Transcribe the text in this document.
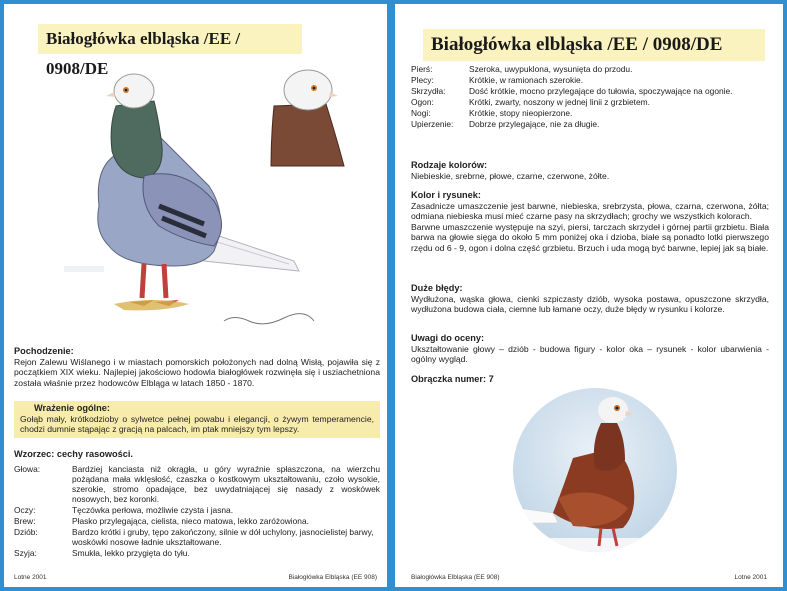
Białogłówka elbląska /EE / 0908/DE
Pochodzenie:
Rejon Zalewu Wiślanego i w miastach pomorskich położonych nad dolną Wisłą, pojawiła się z początkiem XIX wieku. Najlepiej jakościowo hodowla białogłówek rozwinęła się i usziachetniona została właśnie przez hodowców Elbląga w latach 1850 - 1870.
Wrażenie ogólne:
Gołąb mały, krótkodzioby o sylwetce pełnej powabu i elegancji, o żywym temperamencie, chodzi dumnie stąpając z gracją na palcach, im ptak mniejszy tym lepszy.
Wzorzec: cechy rasowości.
Głowa:	Bardziej kanciasta niż okrągła, u góry wyraźnie spłaszczona, na wierzchu pożądana mała wklęsłość, czaszka o kostkowym ukształtowaniu, czoło wysokie, szerokie, stromo opadające, bez uwydatniającej się nasady z woskówek nosowych, bez koronki.
Oczy:	Tęczówka perłowa, możliwie czysta i jasna.
Brew:	Płasko przylegająca, cielista, nieco matowa, lekko zaróżowiona.
Dziób:	Bardzo krótki i gruby, tępo zakończony, silnie w dół uchylony, jasnocielistej barwy, woskówki nosowe ładnie ukształtowane.
Szyja:	Smukła, lekko przygięta do tyłu.
Lotne 2001	Białogłówka Elbląska (EE 908)
Białogłówka elbląska /EE / 0908/DE
Pierś:	Szeroka, uwypuklona, wysunięta do przodu.
Plecy:	Krótkie, w ramionach szerokie.
Skrzydła:	Dość krótkie, mocno przylegające do tułowia, spoczywające na ogonie.
Ogon:	Krótki, zwarty, noszony w jednej linii z grzbietem.
Nogi:	Krótkie, stopy nieopierzone.
Upierzenie:	Dobrze przylegające, nie za długie.
Rodzaje kolorów:
Niebieskie, srebrne, płowe, czarne, czerwone, żółte.
Kolor i rysunek:
Zasadnicze umaszczenie jest barwne, niebieska, srebrzysta, płowa, czarna, czerwona, żółta; odmiana niebieska musi mieć czarne pasy na skrzydłach; grochy we wszystkich kolorach.
Barwne umaszczenie występuje na szyi, piersi, tarczach skrzydeł i górnej partii grzbietu. Biała barwa na głowie sięga do około 5 mm poniżej oka i dzioba, białe są ponadto lotki pierwszego rzędu od 6 - 9, ogon i dolna część grzbietu. Brzuch i uda mogą być barwne, lepiej jak są białe.
Duże błędy:
Wydłużona, wąska głowa, cienki szpiczasty dziób, wysoka postawa, opuszczone skrzydła, wydłużona budowa ciała, ciemne lub łamane oczy, duże błędy w rysunku i kolorze.
Uwagi do oceny:
Ukształtowanie głowy – dziób - budowa figury - kolor oka – rysunek - kolor ubarwienia - ogólny wygląd.
Obrączka numer: 7
Białogłówka Elbląska (EE 908)	Lotne 2001
